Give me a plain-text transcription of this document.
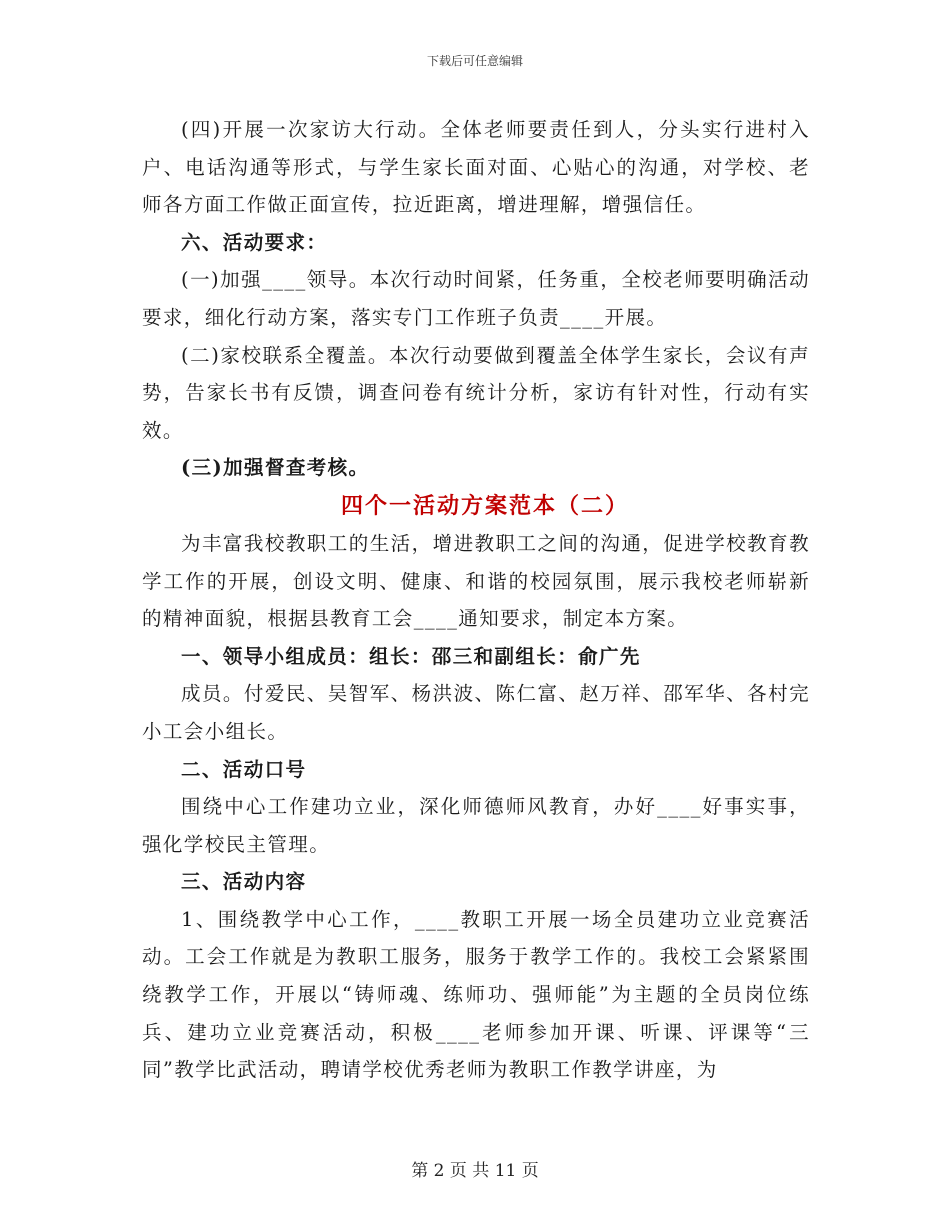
下载后可任意编辑

(四)开展一次家访大行动。全体老师要责任到人，分头实行进村入户、电话沟通等形式，与学生家长面对面、心贴心的沟通，对学校、老师各方面工作做正面宣传，拉近距离，增进理解，增强信任。

六、活动要求：

(一)加强____领导。本次行动时间紧，任务重，全校老师要明确活动要求，细化行动方案，落实专门工作班子负责____开展。

(二)家校联系全覆盖。本次行动要做到覆盖全体学生家长，会议有声势，告家长书有反馈，调查问卷有统计分析，家访有针对性，行动有实效。

(三)加强督查考核。

四个一活动方案范本（二）

为丰富我校教职工的生活，增进教职工之间的沟通，促进学校教育教学工作的开展，创设文明、健康、和谐的校园氛围，展示我校老师崭新的精神面貌，根据县教育工会____通知要求，制定本方案。

一、领导小组成员：组长：邵三和副组长：俞广先

成员。付爱民、吴智军、杨洪波、陈仁富、赵万祥、邵军华、各村完小工会小组长。

二、活动口号

围绕中心工作建功立业，深化师德师风教育，办好____好事实事，强化学校民主管理。

三、活动内容

1、围绕教学中心工作，____教职工开展一场全员建功立业竞赛活动。工会工作就是为教职工服务，服务于教学工作的。我校工会紧紧围绕教学工作，开展以“铸师魂、练师功、强师能”为主题的全员岗位练兵、建功立业竞赛活动，积极____老师参加开课、听课、评课等“三同”教学比武活动，聘请学校优秀老师为教职工作教学讲座，为

第 2 页 共 11 页
